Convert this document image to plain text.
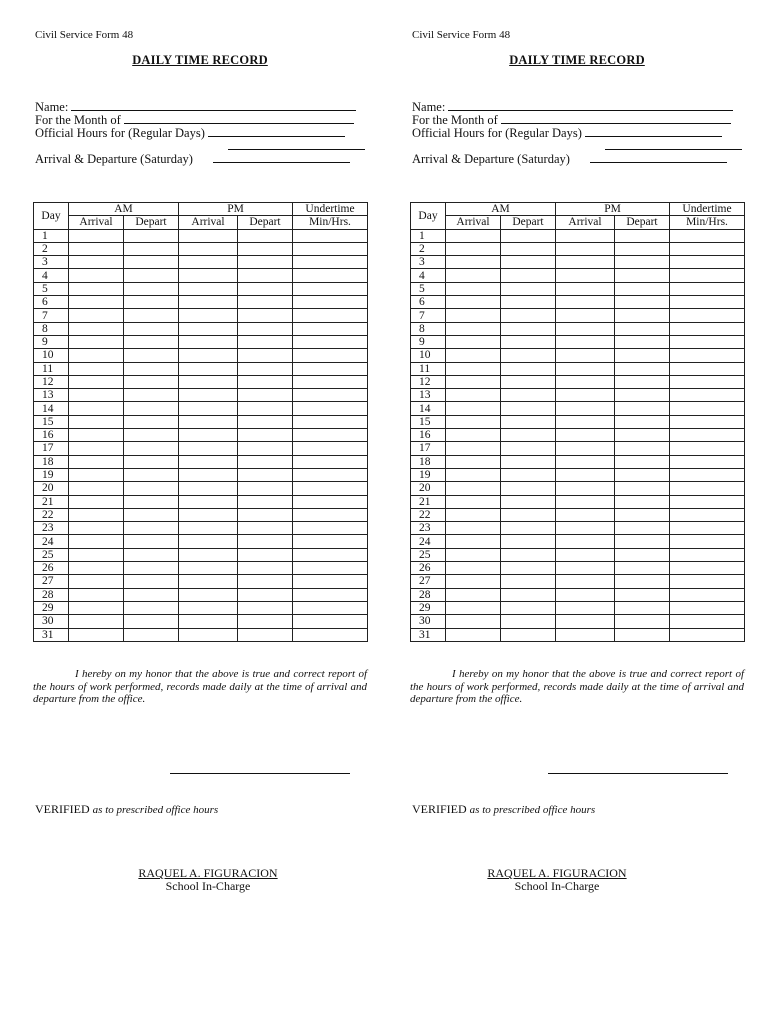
Civil Service Form 48
DAILY TIME RECORD
Name:
For the Month of
Official Hours for (Regular Days)

Arrival & Departure (Saturday)
Day	AM		PM		Undertime
	Arrival	Depart	Arrival	Depart	Min/Hrs.
1					
2					
3					
4					
5					
6					
7					
8					
9					
10					
11					
12					
13					
14					
15					
16					
17					
18					
19					
20					
21					
22					
23					
24					
25					
26					
27					
28					
29					
30					
31					
I hereby on my honor that the above is true and correct report of the hours of work performed, records made daily at the time of arrival and departure from the office.
VERIFIED as to prescribed office hours
RAQUEL A. FIGURACION
School In-Charge
Civil Service Form 48
DAILY TIME RECORD
Name:
For the Month of
Official Hours for (Regular Days)

Arrival & Departure (Saturday)
Day	AM		PM		Undertime
	Arrival	Depart	Arrival	Depart	Min/Hrs.
1					
2					
3					
4					
5					
6					
7					
8					
9					
10					
11					
12					
13					
14					
15					
16					
17					
18					
19					
20					
21					
22					
23					
24					
25					
26					
27					
28					
29					
30					
31					
I hereby on my honor that the above is true and correct report of the hours of work performed, records made daily at the time of arrival and departure from the office.
VERIFIED as to prescribed office hours
RAQUEL A. FIGURACION
School In-Charge
